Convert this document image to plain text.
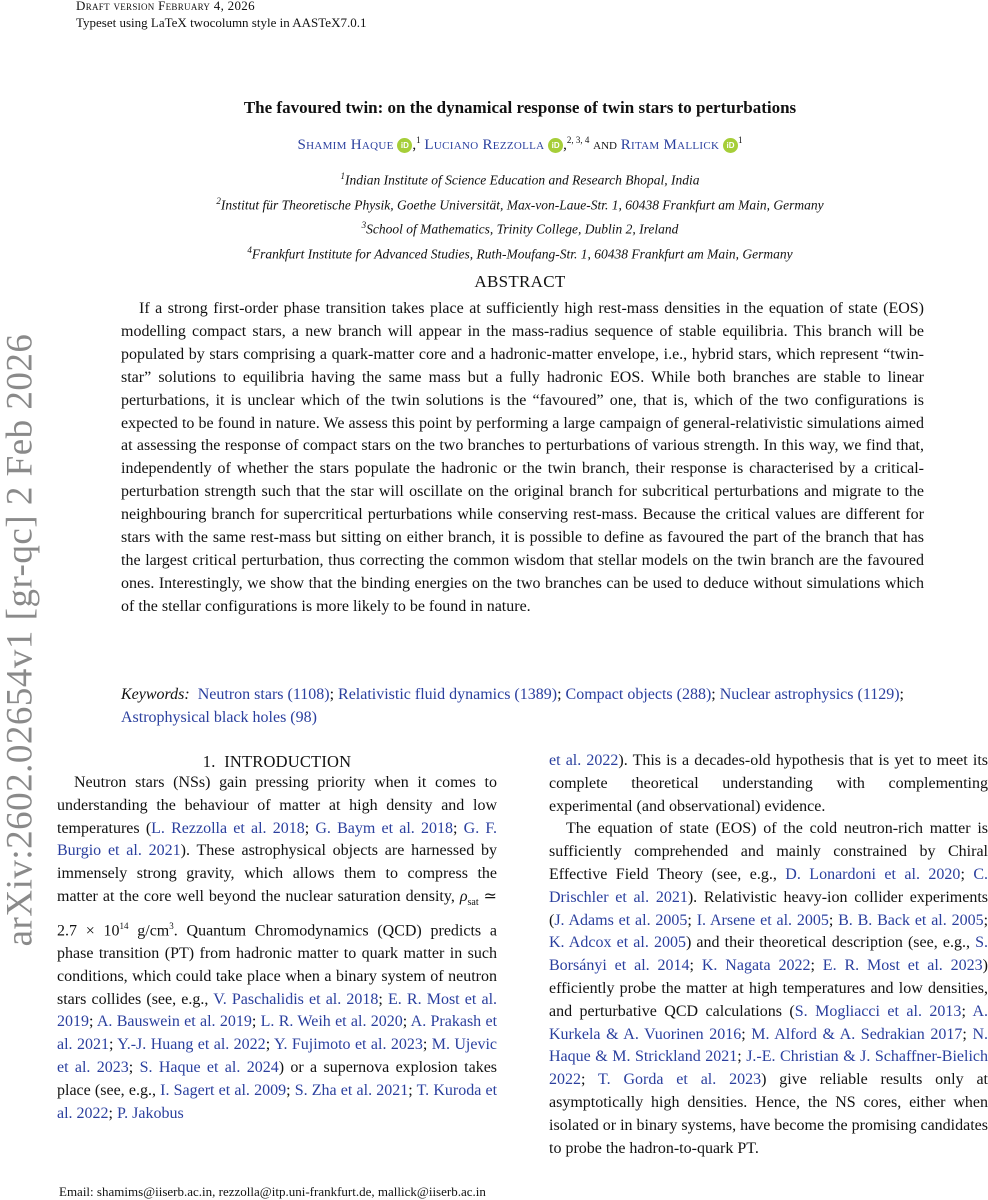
Draft version February 4, 2026
Typeset using LaTeX twocolumn style in AASTeX7.0.1
arXiv:2602.02654v1 [gr-qc] 2 Feb 2026
The favoured twin: on the dynamical response of twin stars to perturbations
Shamim Haque iD ,$^1$ Luciano Rezzolla iD ,$^{2, 3, 4}$ and Ritam Mallick $iD^1$
$^1$Indian Institute of Science Education and Research Bhopal, India
$^2$Institut für Theoretische Physik, Goethe Universität, Max-von-Laue-Str. 1, 60438 Frankfurt am Main, Germany
$^3$School of Mathematics, Trinity College, Dublin 2, Ireland
$^4$Frankfurt Institute for Advanced Studies, Ruth-Moufang-Str. 1, 60438 Frankfurt am Main, Germany
ABSTRACT

If a strong first-order phase transition takes place at sufficiently high rest-mass densities in the equation of state (EOS) modelling compact stars, a new branch will appear in the mass-radius sequence of stable equilibria. This branch will be populated by stars comprising a quark-matter core and a hadronic-matter envelope, i.e., hybrid stars, which represent “twin-star” solutions to equilibria having the same mass but a fully hadronic EOS. While both branches are stable to linear perturbations, it is unclear which of the twin solutions is the “favoured” one, that is, which of the two configurations is expected to be found in nature. We assess this point by performing a large campaign of general-relativistic simulations aimed at assessing the response of compact stars on the two branches to perturbations of various strength. In this way, we find that, independently of whether the stars populate the hadronic or the twin branch, their response is characterised by a critical-perturbation strength such that the star will oscillate on the original branch for subcritical perturbations and migrate to the neighbouring branch for supercritical perturbations while conserving rest-mass. Because the critical values are different for stars with the same rest-mass but sitting on either branch, it is possible to define as favoured the part of the branch that has the largest critical perturbation, thus correcting the common wisdom that stellar models on the twin branch are the favoured ones. Interestingly, we show that the binding energies on the two branches can be used to deduce without simulations which of the stellar configurations is more likely to be found in nature.

Keywords: Neutron stars (1108); Relativistic fluid dynamics (1389); Compact objects (288); Nuclear astrophysics (1129); Astrophysical black holes (98)
1. INTRODUCTION

Neutron stars (NSs) gain pressing priority when it comes to understanding the behaviour of matter at high density and low temperatures (L. Rezzolla et al. 2018; G. Baym et al. 2018; G. F. Burgio et al. 2021). These astrophysical objects are harnessed by immensely strong gravity, which allows them to compress the matter at the core well beyond the nuclear saturation density, $\rho_{sat}$ ≃ $2.7 \times 10^{14}$ $g/cm^3$. Quantum Chromodynamics (QCD) predicts a phase transition (PT) from hadronic matter to quark matter in such conditions, which could take place when a binary system of neutron stars collides (see, e.g., V. Paschalidis et al. 2018; E. R. Most et al. 2019; A. Bauswein et al. 2019; L. R. Weih et al. 2020; A. Prakash et al. 2021; Y.-J. Huang et al. 2022; Y. Fujimoto et al. 2023; M. Ujevic et al. 2023; S. Haque et al. 2024) or a supernova explosion takes place (see, e.g., I. Sagert et al. 2009; S. Zha et al. 2021; T. Kuroda et al. 2022; P. Jakobus

et al. 2022). This is a decades-old hypothesis that is yet to meet its complete theoretical understanding with complementing experimental (and observational) evidence.

The equation of state (EOS) of the cold neutron-rich matter is sufficiently comprehended and mainly constrained by Chiral Effective Field Theory (see, e.g., D. Lonardoni et al. 2020; C. Drischler et al. 2021). Relativistic heavy-ion collider experiments (J. Adams et al. 2005; I. Arsene et al. 2005; B. B. Back et al. 2005; K. Adcox et al. 2005) and their theoretical description (see, e.g., S. Borsányi et al. 2014; K. Nagata 2022; E. R. Most et al. 2023) efficiently probe the matter at high temperatures and low densities, and perturbative QCD calculations (S. Mogliacci et al. 2013; A. Kurkela & A. Vuorinen 2016; M. Alford & A. Sedrakian 2017; N. Haque & M. Strickland 2021; J.-E. Christian & J. Schaffner-Bielich 2022; T. Gorda et al. 2023) give reliable results only at asymptotically high densities. Hence, the NS cores, either when isolated or in binary systems, have become the promising candidates to probe the hadron-to-quark PT.

Email: shamims@iiserb.ac.in, rezzolla@itp.uni-frankfurt.de, mallick@iiserb.ac.in
